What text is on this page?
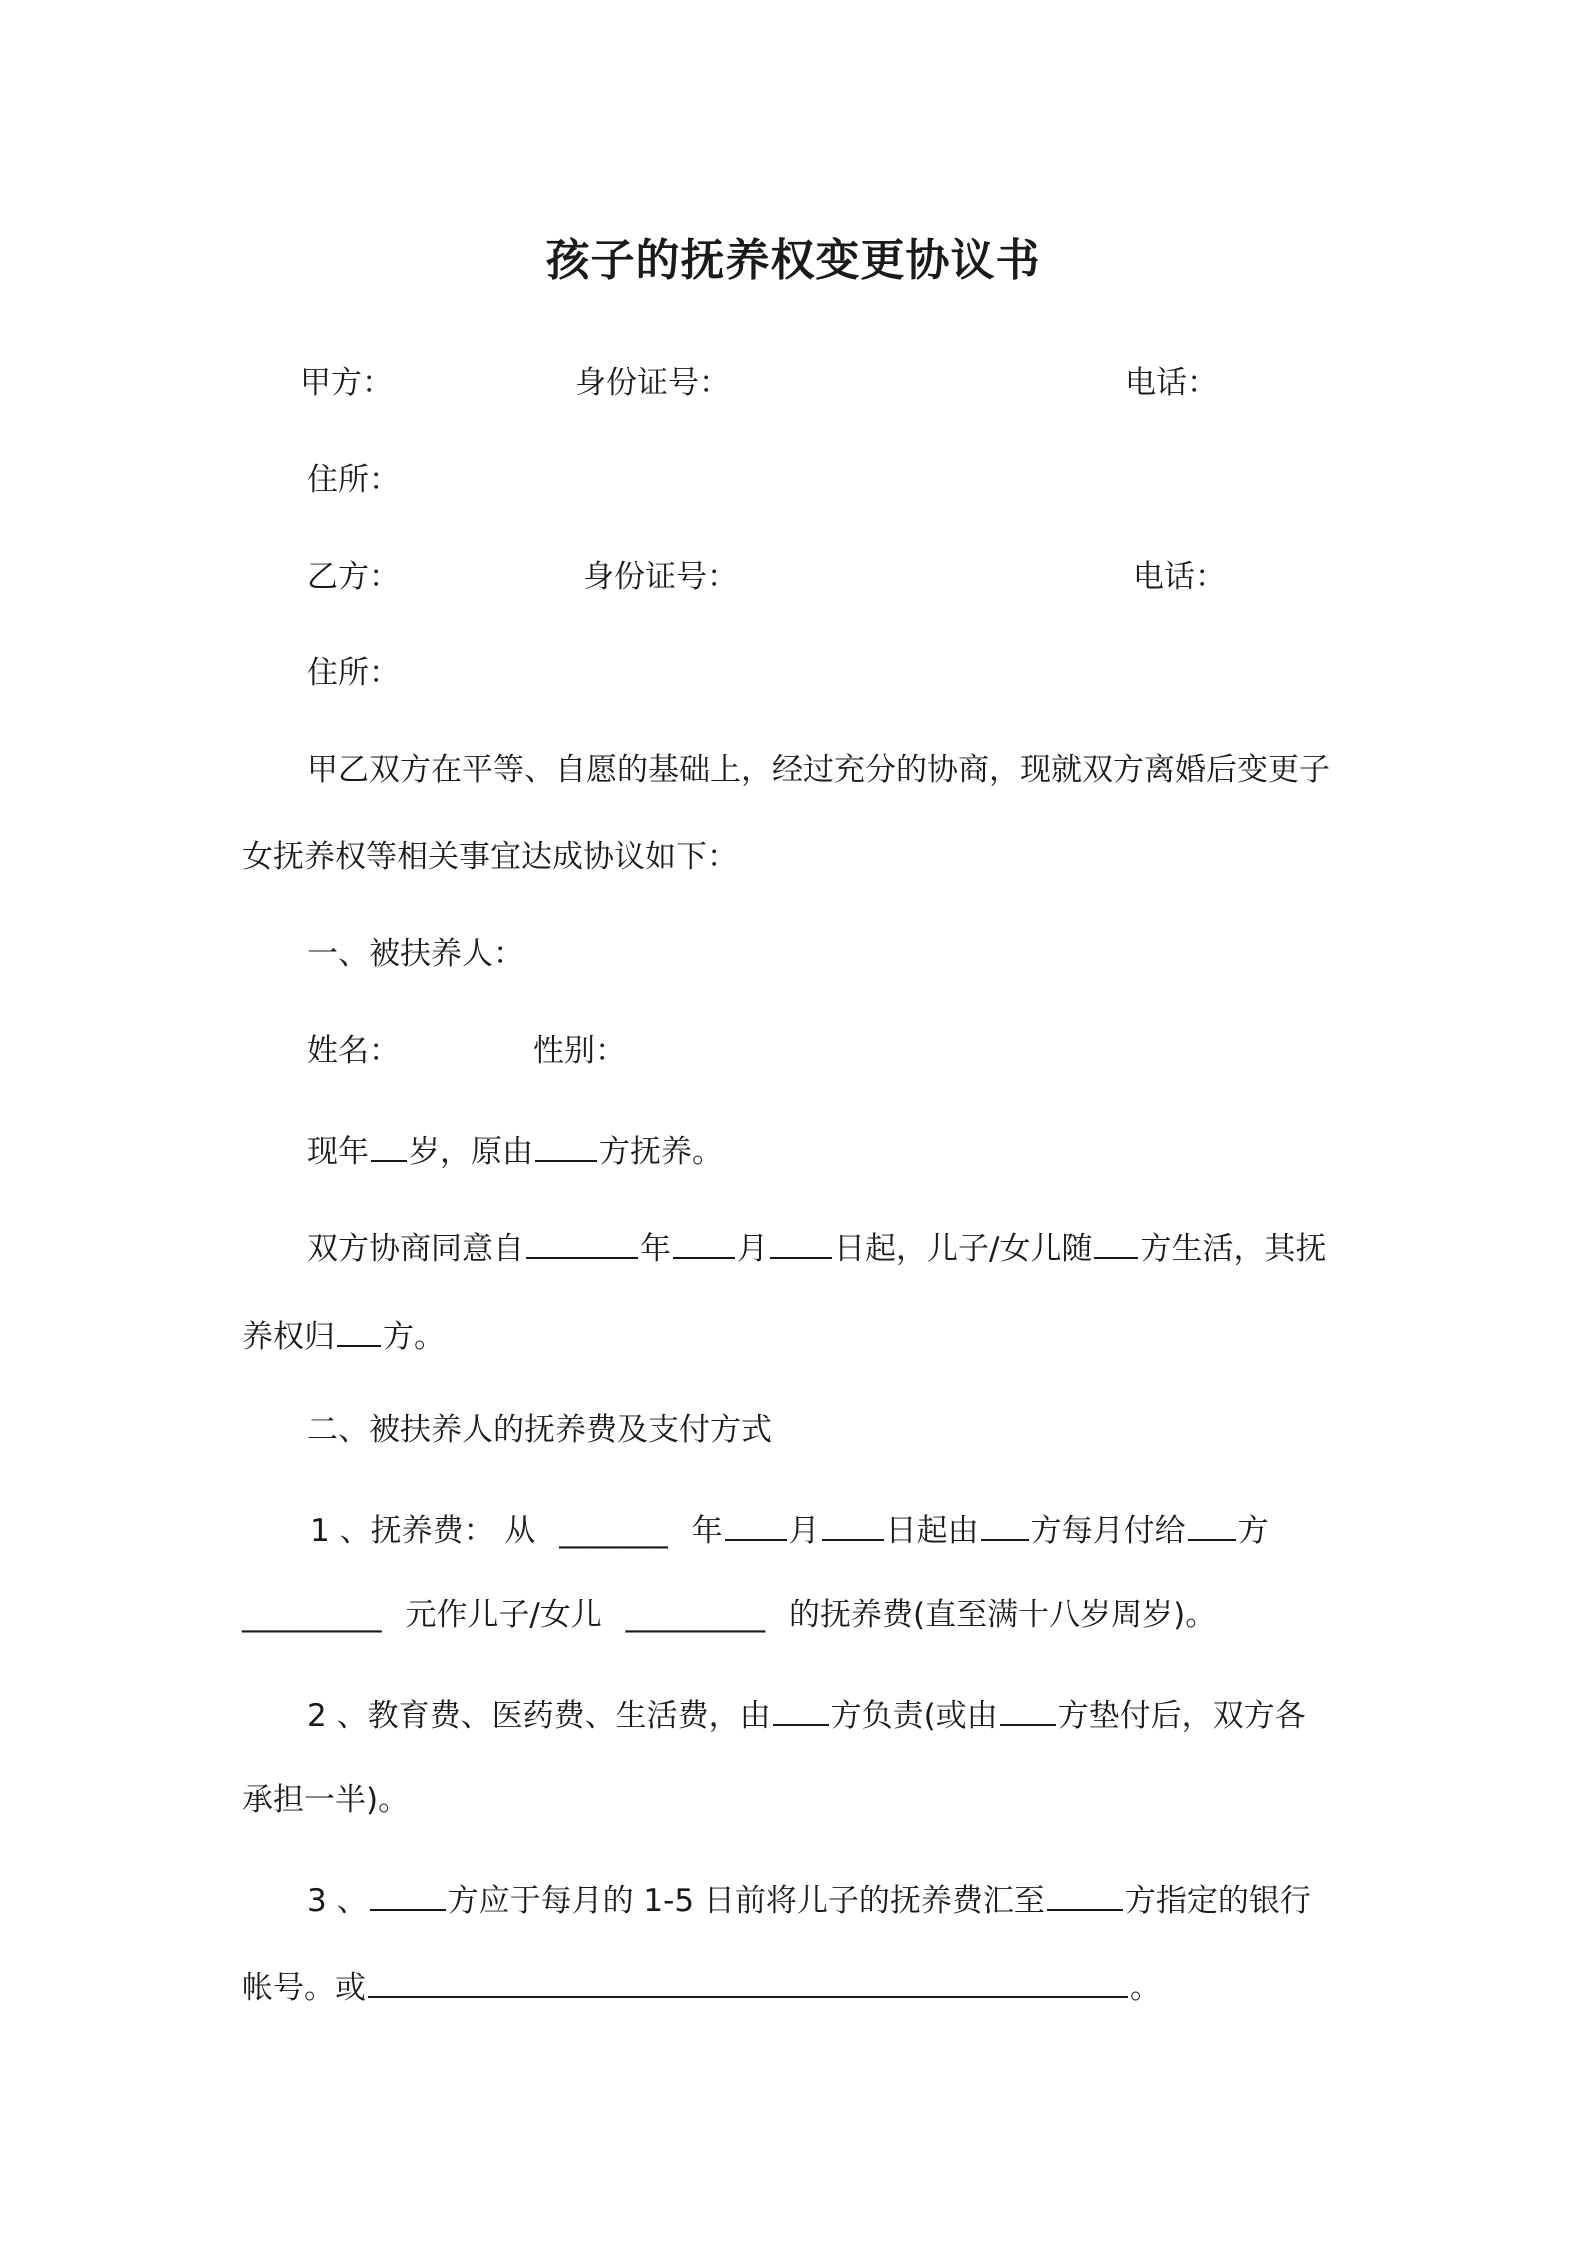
孩子的抚养权变更协议书
甲方：	身份证号：	电话：
住所：
乙方：	身份证号：	电话：
住所：
甲乙双方在平等、自愿的基础上，经过充分的协商，现就双方离婚后变更子
女抚养权等相关事宜达成协议如下：
一、被扶养人：
姓名：	性别：
现年 岁，原由 方抚养。
双方协商同意自	年 月 日起，儿子/女儿随 方生活，其抚
养权归 方。
二、被扶养人的抚养费及支付方式
1 、抚养费： 从 _______ 年 月 日起由 方每月付给 方
_________ 元作儿子/女儿 _________ 的抚养费(直至满十八岁周岁)。
2 、教育费、医药费、生活费，由 方负责(或由 方垫付后，双方各
承担一半)。
3 、	方应于每月的 1-5 日前将儿子的抚养费汇至	方指定的银行
帐号。或	。
